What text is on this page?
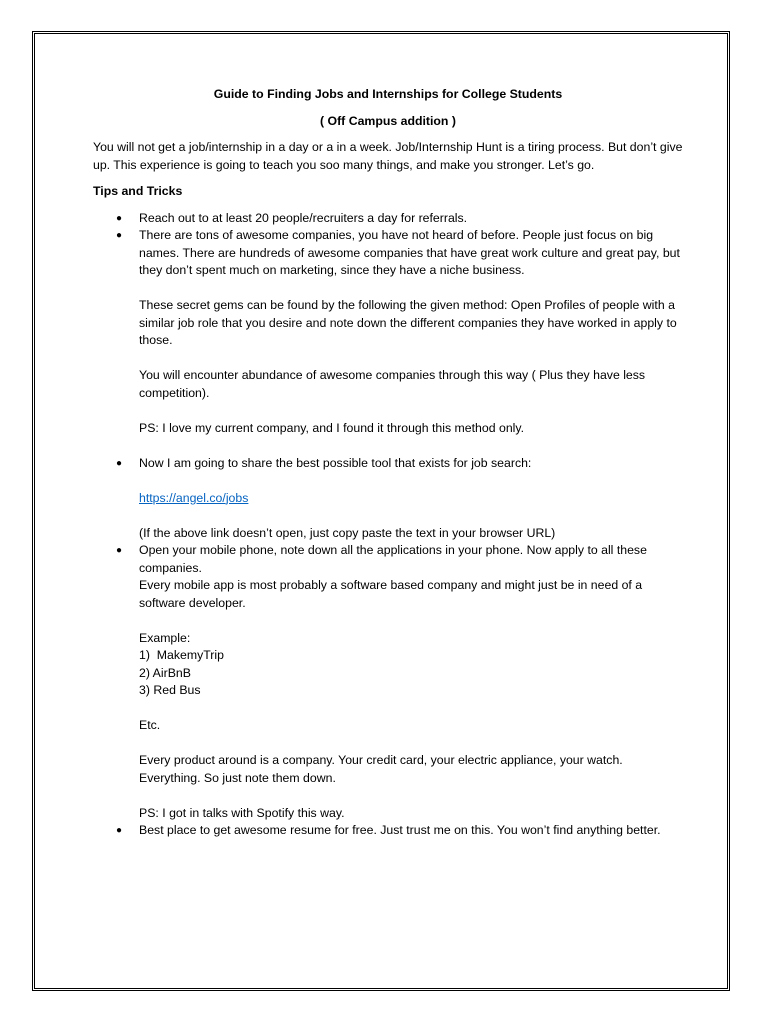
Guide to Finding Jobs and Internships for College Students

( Off Campus addition )

You will not get a job/internship in a day or a in a week. Job/Internship Hunt is a tiring process. But don’t give up. This experience is going to teach you soo many things, and make you stronger. Let’s go.

Tips and Tricks

● Reach out to at least 20 people/recruiters a day for referrals.

● There are tons of awesome companies, you have not heard of before. People just focus on big names. There are hundreds of awesome companies that have great work culture and great pay, but they don’t spent much on marketing, since they have a niche business.

These secret gems can be found by the following the given method: Open Profiles of people with a similar job role that you desire and note down the different companies they have worked in apply to those.

You will encounter abundance of awesome companies through this way ( Plus they have less competition).

PS: I love my current company, and I found it through this method only.

● Now I am going to share the best possible tool that exists for job search:

https://angel.co/jobs

(If the above link doesn’t open, just copy paste the text in your browser URL)

● Open your mobile phone, note down all the applications in your phone. Now apply to all these companies.

Every mobile app is most probably a software based company and might just be in need of a software developer.

Example:

1)  MakemyTrip

2) AirBnB

3) Red Bus

Etc.

Every product around is a company. Your credit card, your electric appliance, your watch. Everything. So just note them down.

PS: I got in talks with Spotify this way.

● Best place to get awesome resume for free. Just trust me on this. You won’t find anything better.
